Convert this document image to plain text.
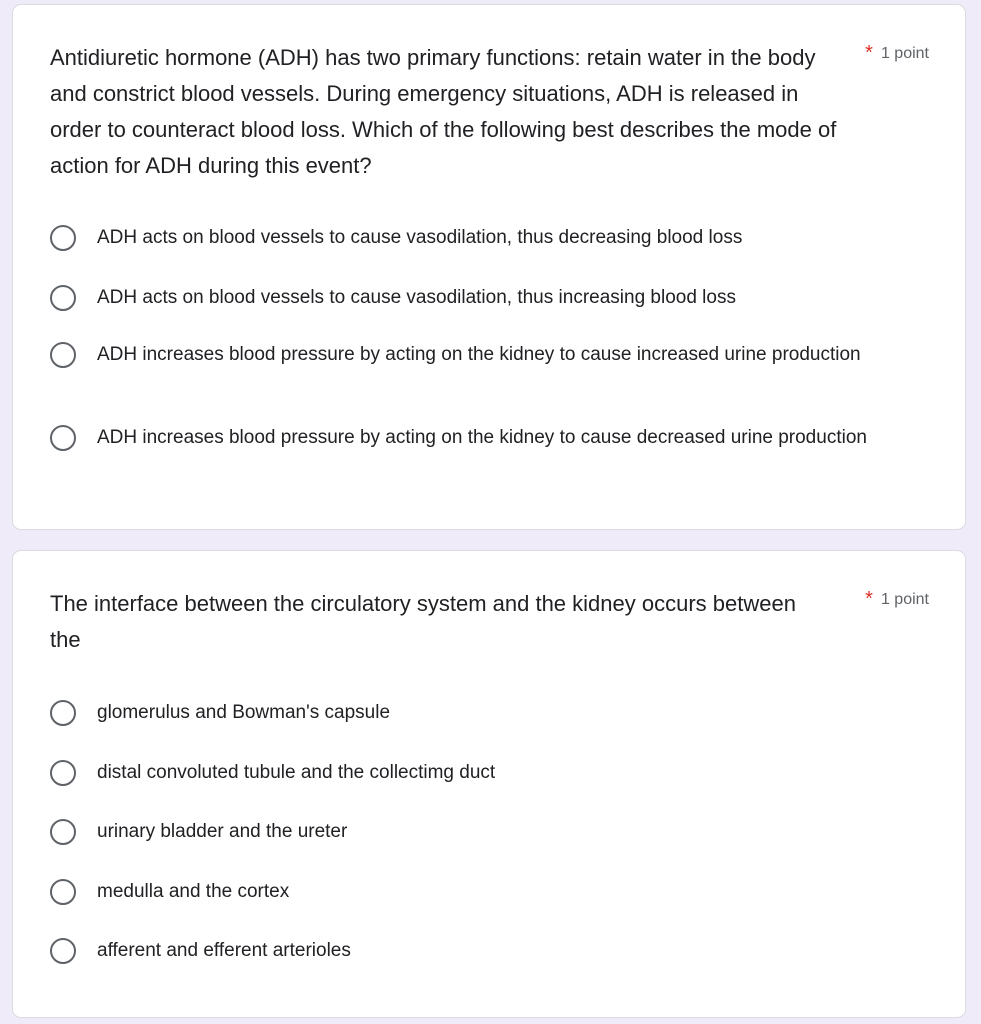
Antidiuretic hormone (ADH) has two primary functions: retain water in the body and constrict blood vessels. During emergency situations, ADH is released in order to counteract blood loss. Which of the following best describes the mode of action for ADH during this event?

* 1 point
ADH acts on blood vessels to cause vasodilation, thus decreasing blood loss
ADH acts on blood vessels to cause vasodilation, thus increasing blood loss
ADH increases blood pressure by acting on the kidney to cause increased urine production
ADH increases blood pressure by acting on the kidney to cause decreased urine production

The interface between the circulatory system and the kidney occurs between the

* 1 point
glomerulus and Bowman's capsule
distal convoluted tubule and the collectimg duct
urinary bladder and the ureter
medulla and the cortex
afferent and efferent arterioles
